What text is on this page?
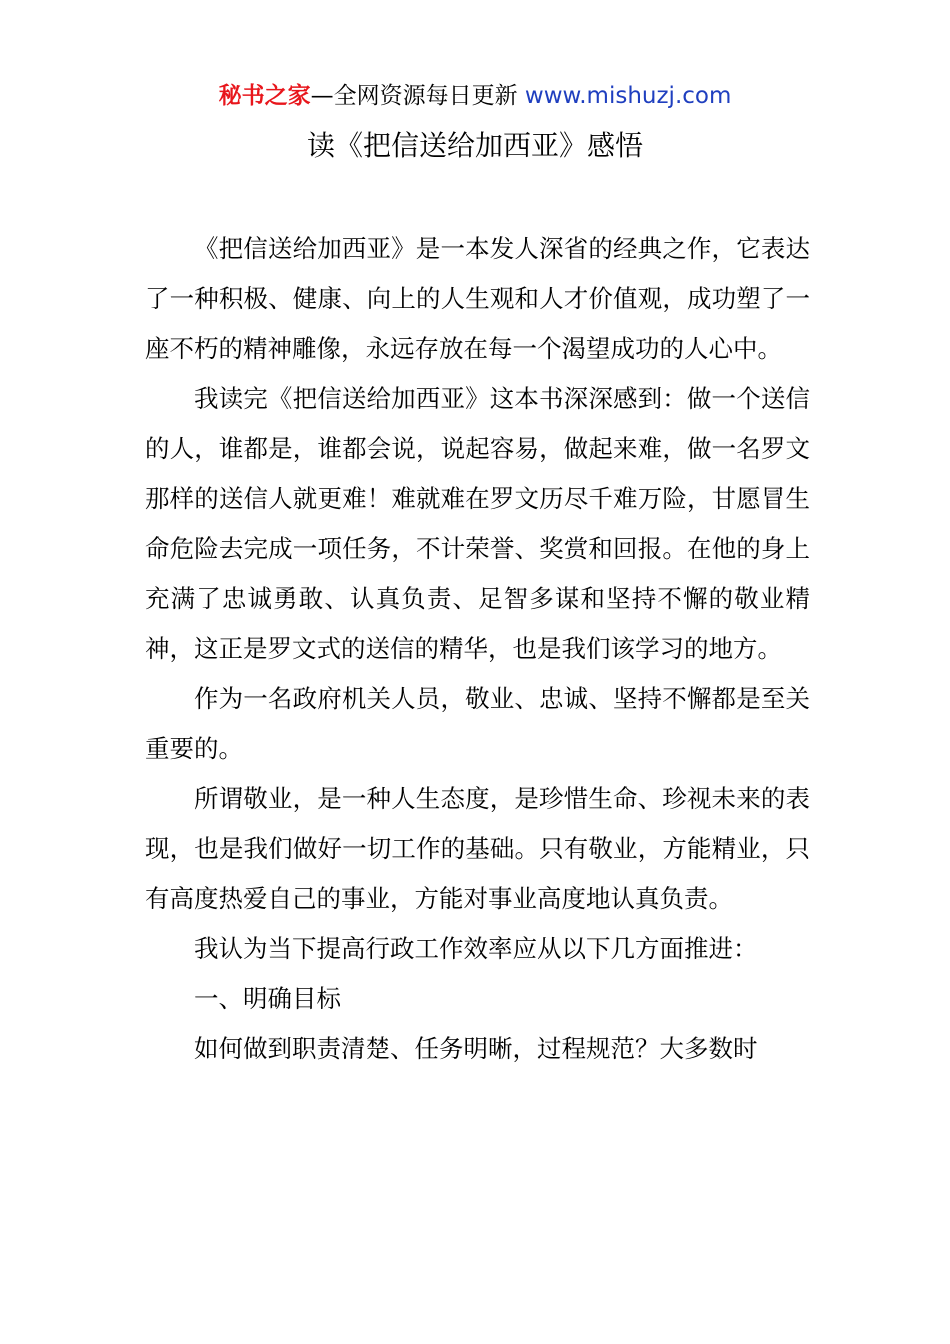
秘书之家—全网资源每日更新 www.mishuzj.com
读《把信送给加西亚》感悟

《把信送给加西亚》是一本发人深省的经典之作，它表达了一种积极、健康、向上的人生观和人才价值观，成功塑了一座不朽的精神雕像，永远存放在每一个渴望成功的人心中。

我读完《把信送给加西亚》这本书深深感到：做一个送信的人，谁都是，谁都会说，说起容易，做起来难，做一名罗文那样的送信人就更难！难就难在罗文历尽千难万险，甘愿冒生命危险去完成一项任务，不计荣誉、奖赏和回报。在他的身上充满了忠诚勇敢、认真负责、足智多谋和坚持不懈的敬业精神，这正是罗文式的送信的精华，也是我们该学习的地方。

作为一名政府机关人员，敬业、忠诚、坚持不懈都是至关重要的。

所谓敬业，是一种人生态度，是珍惜生命、珍视未来的表现，也是我们做好一切工作的基础。只有敬业，方能精业，只有高度热爱自己的事业，方能对事业高度地认真负责。

我认为当下提高行政工作效率应从以下几方面推进：

一、明确目标

如何做到职责清楚、任务明晰，过程规范？大多数时
